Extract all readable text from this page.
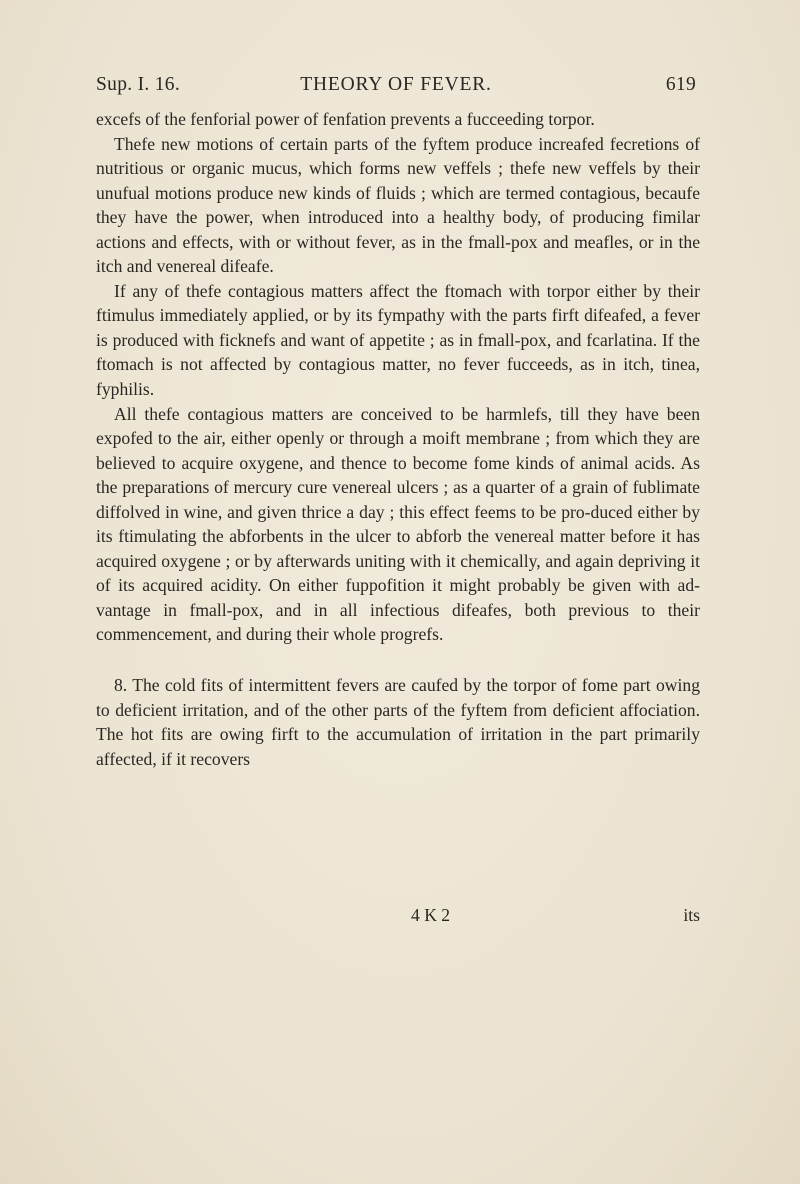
Sup. I. 16.	THEORY OF FEVER.	619

excefs of the fenforial power of fenfation prevents a fucceeding torpor.

Thefe new motions of certain parts of the fyftem produce increafed fecretions of nutritious or organic mucus, which forms new veffels ; thefe new veffels by their unufual motions produce new kinds of fluids ; which are termed contagious, becaufe they have the power, when introduced into a healthy body, of producing fimilar actions and effects, with or without fever, as in the fmall-pox and meafles, or in the itch and venereal difeafe.

If any of thefe contagious matters affect the ftomach with torpor either by their ftimulus immediately applied, or by its fympathy with the parts firft difeafed, a fever is produced with ficknefs and want of appetite ; as in fmall-pox, and fcarlatina. If the ftomach is not affected by contagious matter, no fever fucceeds, as in itch, tinea, fyphilis.

All thefe contagious matters are conceived to be harmlefs, till they have been expofed to the air, either openly or through a moift membrane ; from which they are believed to acquire oxygene, and thence to become fome kinds of animal acids. As the preparations of mercury cure venereal ulcers ; as a quarter of a grain of fublimate diffolved in wine, and given thrice a day ; this effect feems to be pro-duced either by its ftimulating the abforbents in the ulcer to abforb the venereal matter before it has acquired oxygene ; or by afterwards uniting with it chemically, and again depriving it of its acquired acidity. On either fuppofition it might probably be given with ad-vantage in fmall-pox, and in all infectious difeafes, both previous to their commencement, and during their whole progrefs.

8. The cold fits of intermittent fevers are caufed by the torpor of fome part owing to deficient irritation, and of the other parts of the fyftem from deficient affociation. The hot fits are owing firft to the accumulation of irritation in the part primarily affected, if it recovers

4 K 2	its
